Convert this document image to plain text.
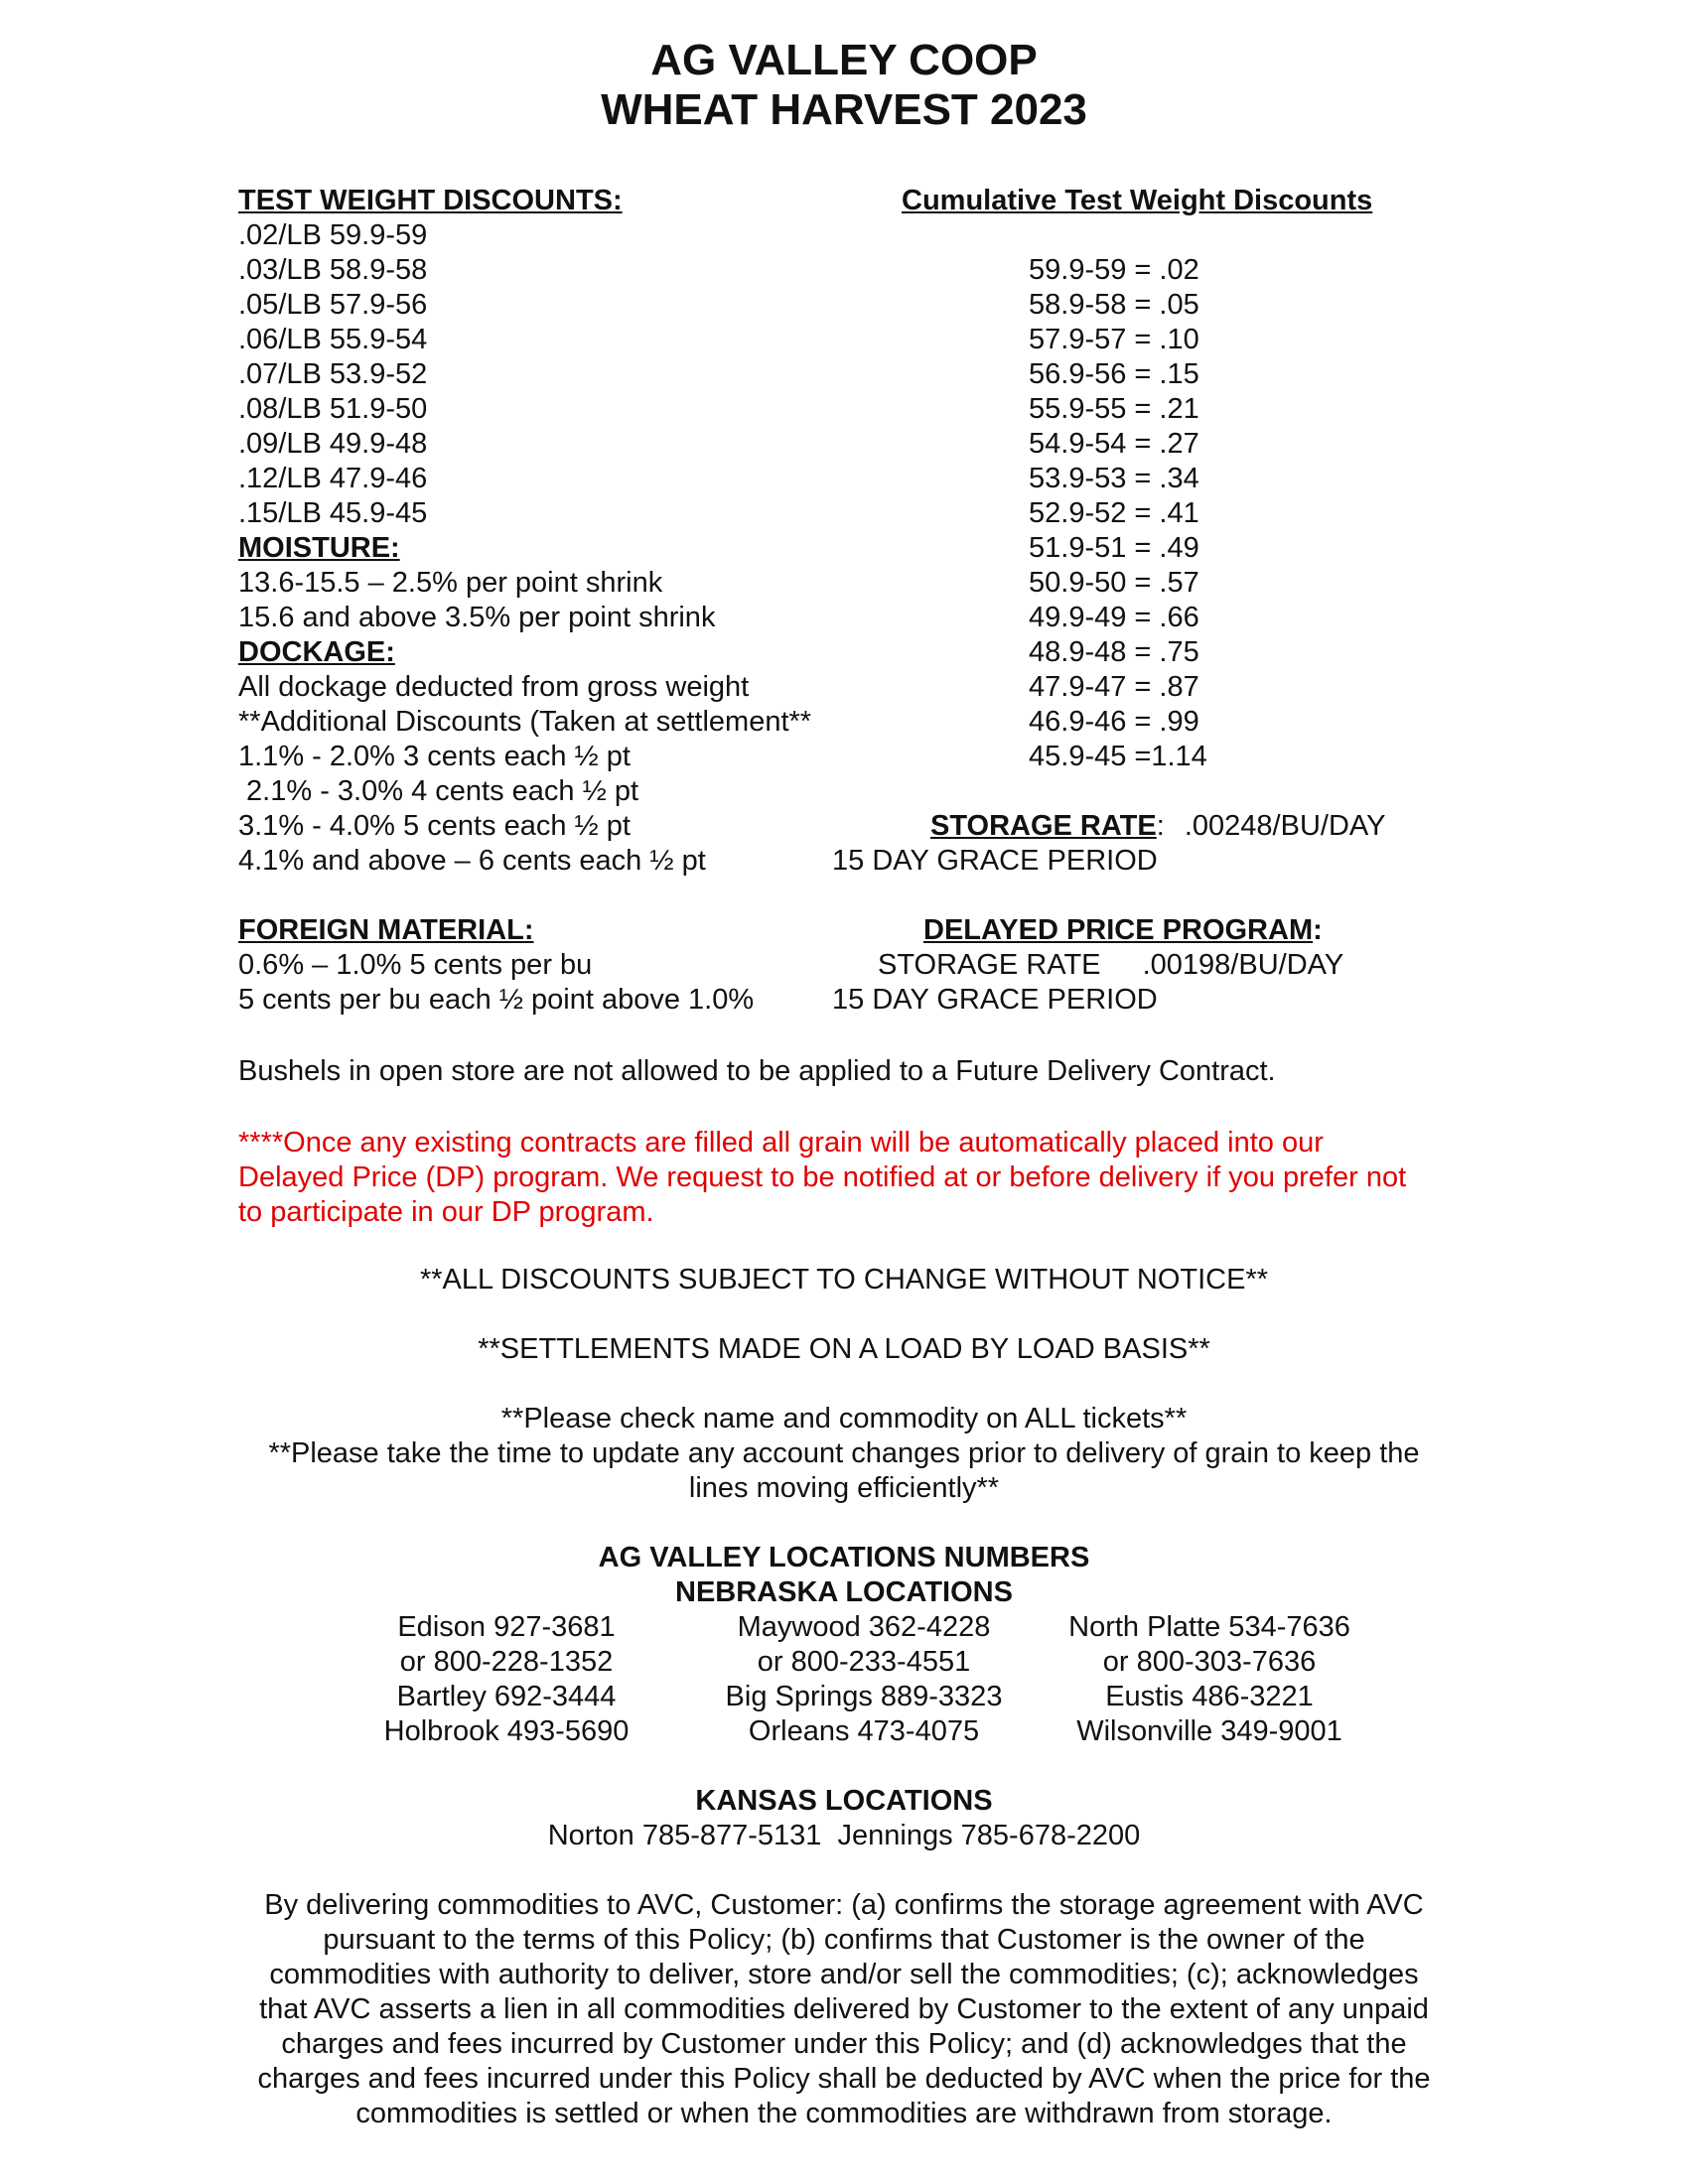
AG VALLEY COOP
WHEAT HARVEST 2023
TEST WEIGHT DISCOUNTS:
.02/LB 59.9-59
.03/LB 58.9-58
.05/LB 57.9-56
.06/LB 55.9-54
.07/LB 53.9-52
.08/LB 51.9-50
.09/LB 49.9-48
.12/LB 47.9-46
.15/LB 45.9-45
MOISTURE:
13.6-15.5 – 2.5% per point shrink
15.6 and above 3.5% per point shrink
DOCKAGE:
All dockage deducted from gross weight
**Additional Discounts (Taken at settlement**
1.1% - 2.0% 3 cents each ½ pt
2.1% - 3.0% 4 cents each ½ pt
3.1% - 4.0% 5 cents each ½ pt
4.1% and above – 6 cents each ½ pt
Cumulative Test Weight Discounts
59.9-59 = .02
58.9-58 = .05
57.9-57 = .10
56.9-56 = .15
55.9-55 = .21
54.9-54 = .27
53.9-53 = .34
52.9-52 = .41
51.9-51 = .49
50.9-50 = .57
49.9-49 = .66
48.9-48 = .75
47.9-47 = .87
46.9-46 = .99
45.9-45 =1.14
STORAGE RATE: .00248/BU/DAY
15 DAY GRACE PERIOD
FOREIGN MATERIAL:
0.6% – 1.0% 5 cents per bu
5 cents per bu each ½ point above 1.0%
DELAYED PRICE PROGRAM:
STORAGE RATE .00198/BU/DAY
15 DAY GRACE PERIOD
Bushels in open store are not allowed to be applied to a Future Delivery Contract.
****Once any existing contracts are filled all grain will be automatically placed into our
Delayed Price (DP) program. We request to be notified at or before delivery if you prefer not
to participate in our DP program.
**ALL DISCOUNTS SUBJECT TO CHANGE WITHOUT NOTICE**
**SETTLEMENTS MADE ON A LOAD BY LOAD BASIS**
**Please check name and commodity on ALL tickets**
**Please take the time to update any account changes prior to delivery of grain to keep the
lines moving efficiently**
AG VALLEY LOCATIONS NUMBERS
NEBRASKA LOCATIONS
Edison 927-3681
or 800-228-1352
Bartley 692-3444
Holbrook 493-5690
Maywood 362-4228
or 800-233-4551
Big Springs 889-3323
Orleans 473-4075
North Platte 534-7636
or 800-303-7636
Eustis 486-3221
Wilsonville 349-9001
KANSAS LOCATIONS
Norton 785-877-5131  Jennings 785-678-2200
By delivering commodities to AVC, Customer: (a) confirms the storage agreement with AVC
pursuant to the terms of this Policy; (b) confirms that Customer is the owner of the
commodities with authority to deliver, store and/or sell the commodities; (c); acknowledges
that AVC asserts a lien in all commodities delivered by Customer to the extent of any unpaid
charges and fees incurred by Customer under this Policy; and (d) acknowledges that the
charges and fees incurred under this Policy shall be deducted by AVC when the price for the
commodities is settled or when the commodities are withdrawn from storage.
